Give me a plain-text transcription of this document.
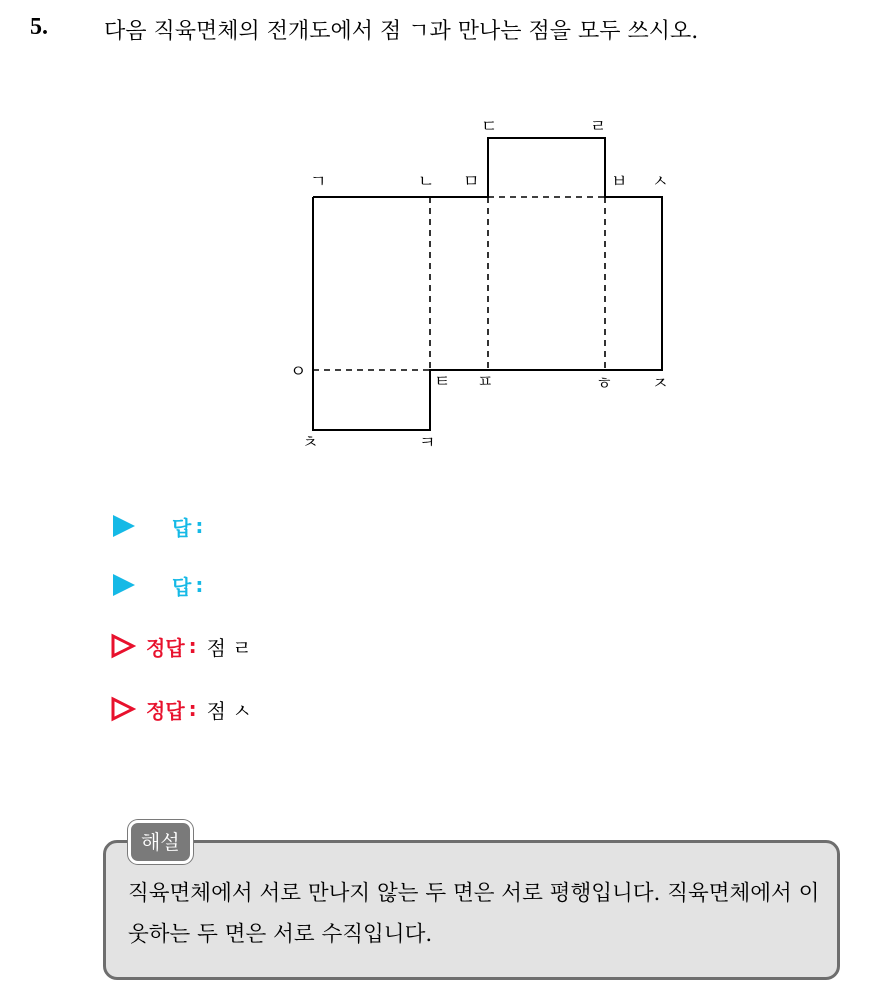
5.	다음 직육면체의 전개도에서 점 ㄱ과 만나는 점을 모두 쓰시오.
ㄱ	ㄴ ㅁ
ㄷ	ㄹ
ㅂ ㅅ
ㅇ	ㅌ ㅍ	ㅎ ㅈ
ㅊ	ㅋ
답 :
답 :
정답 : 점 ㄹ
정답 : 점 ㅅ
해설
직육면체에서 서로 만나지 않는 두 면은 서로 평행입니다. 직육면체에서 이웃하는 두 면은 서로 수직입니다.
